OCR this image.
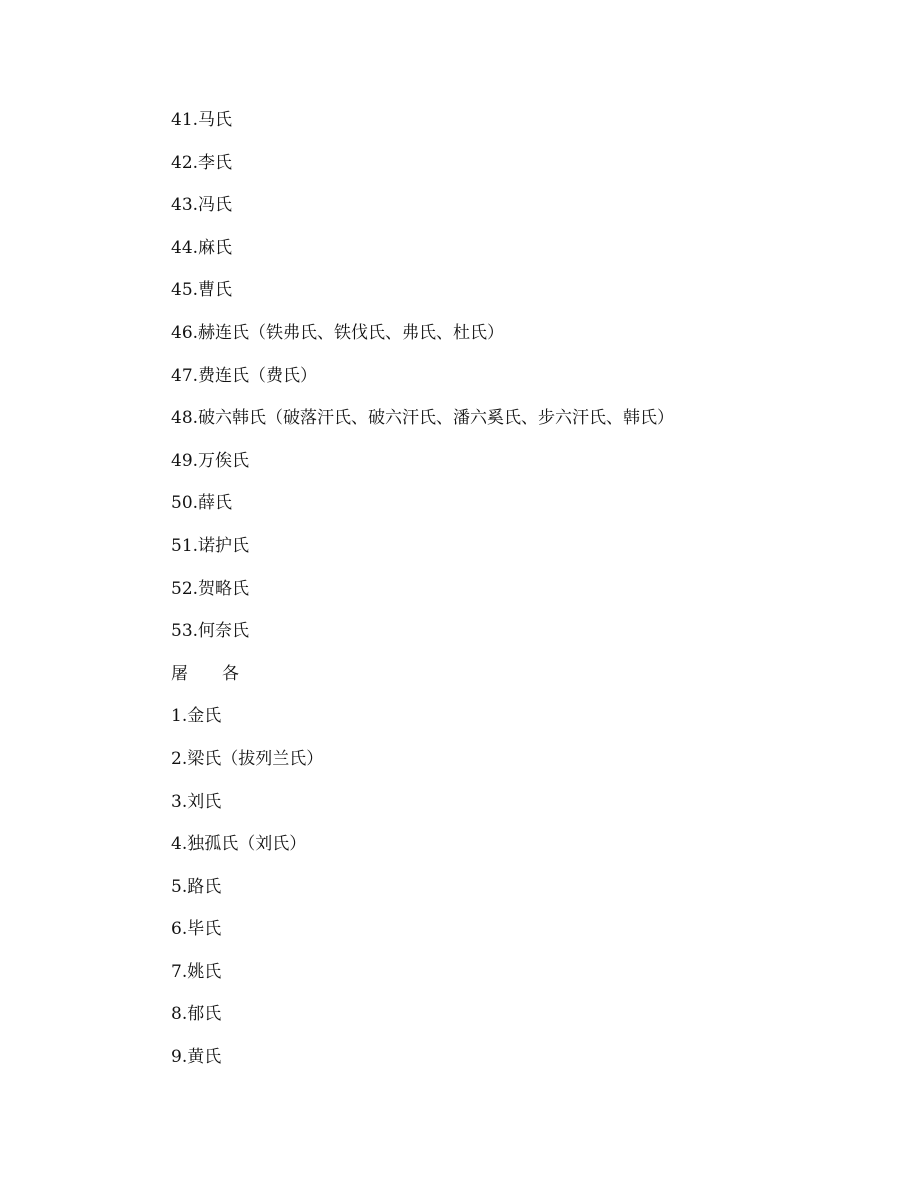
41.马氏
42.李氏
43.冯氏
44.麻氏
45.曹氏
46.赫连氏（铁弗氏、铁伐氏、弗氏、杜氏）
47.费连氏（费氏）
48.破六韩氏（破落汗氏、破六汗氏、潘六奚氏、步六汗氏、韩氏）
49.万俟氏
50.薛氏
51.诺护氏
52.贺略氏
53.何奈氏
屠 各
1.金氏
2.梁氏（拔列兰氏）
3.刘氏
4.独孤氏（刘氏）
5.路氏
6.毕氏
7.姚氏
8.郁氏
9.黄氏
